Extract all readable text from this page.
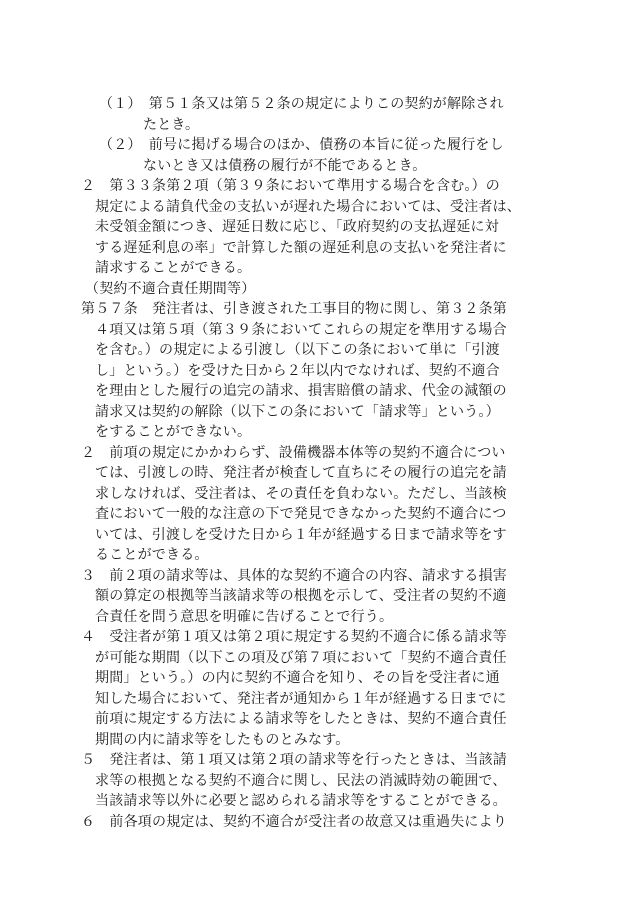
（１）　第５１条又は第５２条の規定によりこの契約が解除され
たとき。
（２）　前号に掲げる場合のほか、債務の本旨に従った履行をし
ないとき又は債務の履行が不能であるとき。
２　第３３条第２項（第３９条において準用する場合を含む。）の
規定による請負代金の支払いが遅れた場合においては、受注者は、
未受領金額につき、遅延日数に応じ、「政府契約の支払遅延に対
する遅延利息の率」で計算した額の遅延利息の支払いを発注者に
請求することができる。
（契約不適合責任期間等）
第５７条　発注者は、引き渡された工事目的物に関し、第３２条第
４項又は第５項（第３９条においてこれらの規定を準用する場合
を含む。）の規定による引渡し（以下この条において単に「引渡
し」という。）を受けた日から２年以内でなければ、契約不適合
を理由とした履行の追完の請求、損害賠償の請求、代金の減額の
請求又は契約の解除（以下この条において「請求等」という。）
をすることができない。
２　前項の規定にかかわらず、設備機器本体等の契約不適合につい
ては、引渡しの時、発注者が検査して直ちにその履行の追完を請
求しなければ、受注者は、その責任を負わない。ただし、当該検
査において一般的な注意の下で発見できなかった契約不適合につ
いては、引渡しを受けた日から１年が経過する日まで請求等をす
ることができる。
３　前２項の請求等は、具体的な契約不適合の内容、請求する損害
額の算定の根拠等当該請求等の根拠を示して、受注者の契約不適
合責任を問う意思を明確に告げることで行う。
４　受注者が第１項又は第２項に規定する契約不適合に係る請求等
が可能な期間（以下この項及び第７項において「契約不適合責任
期間」という。）の内に契約不適合を知り、その旨を受注者に通
知した場合において、発注者が通知から１年が経過する日までに
前項に規定する方法による請求等をしたときは、契約不適合責任
期間の内に請求等をしたものとみなす。
５　発注者は、第１項又は第２項の請求等を行ったときは、当該請
求等の根拠となる契約不適合に関し、民法の消滅時効の範囲で、
当該請求等以外に必要と認められる請求等をすることができる。
６　前各項の規定は、契約不適合が受注者の故意又は重過失により
